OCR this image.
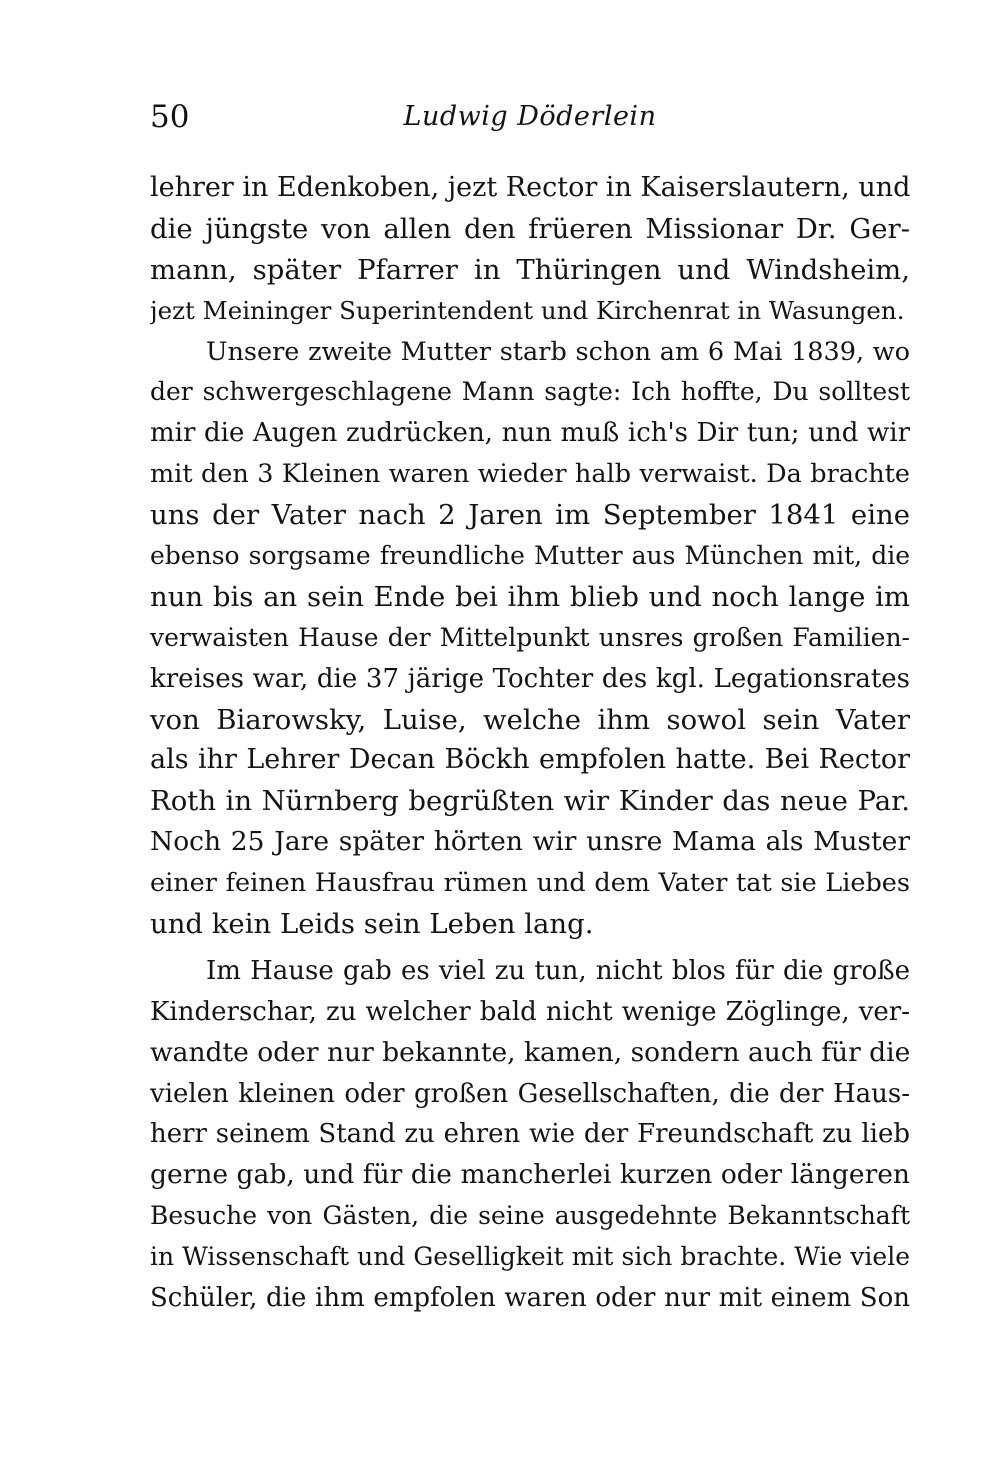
50	Ludwig Döderlein
lehrer in Edenkoben, jezt Rector in Kaiserslautern, und
die jüngste von allen den früeren Missionar Dr. Ger-
mann, später Pfarrer in Thüringen und Windsheim,
jezt Meininger Superintendent und Kirchenrat in Wasungen.
Unsere zweite Mutter starb schon am 6 Mai 1839, wo
der schwergeschlagene Mann sagte: Ich hoffte, Du solltest
mir die Augen zudrücken, nun muß ich's Dir tun; und wir
mit den 3 Kleinen waren wieder halb verwaist. Da brachte
uns der Vater nach 2 Jaren im September 1841 eine
ebenso sorgsame freundliche Mutter aus München mit, die
nun bis an sein Ende bei ihm blieb und noch lange im
verwaisten Hause der Mittelpunkt unsres großen Familien-
kreises war, die 37 järige Tochter des kgl. Legationsrates
von Biarowsky, Luise, welche ihm sowol sein Vater
als ihr Lehrer Decan Böckh empfolen hatte. Bei Rector
Roth in Nürnberg begrüßten wir Kinder das neue Par.
Noch 25 Jare später hörten wir unsre Mama als Muster
einer feinen Hausfrau rümen und dem Vater tat sie Liebes
und kein Leids sein Leben lang.
Im Hause gab es viel zu tun, nicht blos für die große
Kinderschar, zu welcher bald nicht wenige Zöglinge, ver-
wandte oder nur bekannte, kamen, sondern auch für die
vielen kleinen oder großen Gesellschaften, die der Haus-
herr seinem Stand zu ehren wie der Freundschaft zu lieb
gerne gab, und für die mancherlei kurzen oder längeren
Besuche von Gästen, die seine ausgedehnte Bekanntschaft
in Wissenschaft und Geselligkeit mit sich brachte. Wie viele
Schüler, die ihm empfolen waren oder nur mit einem Son
